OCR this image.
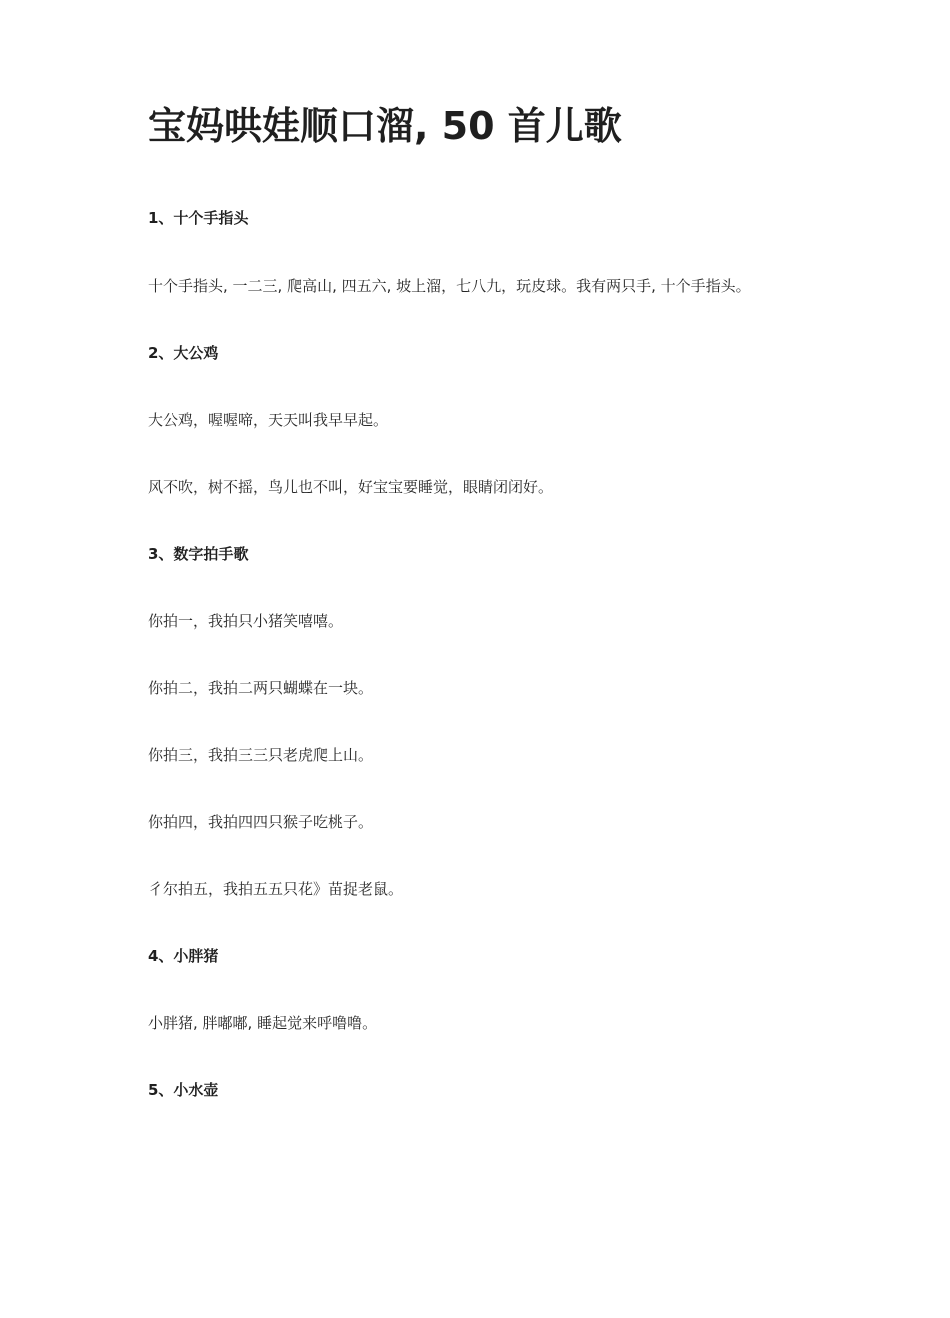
宝妈哄娃顺口溜, 50 首儿歌

1、十个手指头

十个手指头, 一二三, 爬高山, 四五六, 坡上溜，七八九，玩皮球。我有两只手, 十个手指头。

2、大公鸡

大公鸡，喔喔啼，天天叫我早早起。

风不吹，树不摇，鸟儿也不叫，好宝宝要睡觉，眼睛闭闭好。

3、数字拍手歌

你拍一，我拍只小猪笑嘻嘻。

你拍二，我拍二两只蝴蝶在一块。

你拍三，我拍三三只老虎爬上山。

你拍四，我拍四四只猴子吃桃子。

彳尔拍五，我拍五五只花》苗捉老鼠。

4、小胖猪

小胖猪, 胖嘟嘟, 睡起觉来呼噜噜。

5、小水壶
